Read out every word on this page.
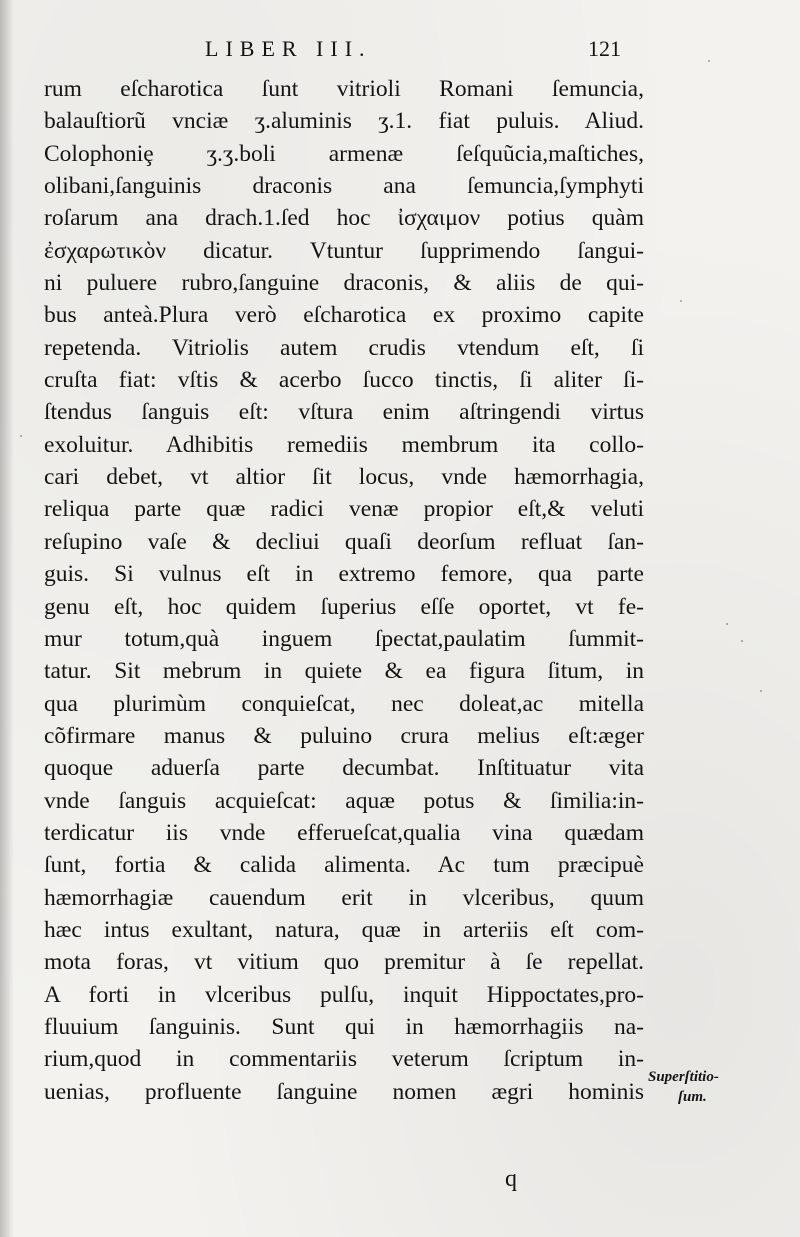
LIBER III.	121
rum eſcharotica ſunt vitrioli Romani ſemuncia,
balauſtiorũ vnciæ ʒ.aluminis ʒ.1. fiat puluis. Aliud.
Colophoniȩ ʒ.ʒ.boli armenæ ſeſquũcia,maſtiches,
olibani,ſanguinis draconis ana ſemuncia,ſymphyti
roſarum ana drach.1.ſed hoc ἰσχαιμον potius quàm
ἐσχαρωτικὸν dicatur. Vtuntur ſupprimendo ſangui-
ni puluere rubro,ſanguine draconis, & aliis de qui-
bus anteà.Plura verò eſcharotica ex proximo capite
repetenda. Vitriolis autem crudis vtendum eſt, ſi
cruſta fiat: vſtis & acerbo ſucco tinctis, ſi aliter ſi-
ſtendus ſanguis eſt: vſtura enim aſtringendi virtus
exoluitur. Adhibitis remediis membrum ita collo-
cari debet, vt altior ſit locus, vnde hæmorrhagia,
reliqua parte quæ radici venæ propior eſt,& veluti
reſupino vaſe & decliui quaſi deorſum refluat ſan-
guis. Si vulnus eſt in extremo femore, qua parte
genu eſt, hoc quidem ſuperius eſſe oportet, vt fe-
mur totum,quà inguem ſpectat,paulatim ſummit-
tatur. Sit mebrum in quiete & ea figura ſitum, in
qua plurimùm conquieſcat, nec doleat,ac mitella
cõfirmare manus & puluino crura melius eſt:æger
quoque aduerſa parte decumbat. Inſtituatur vita
vnde ſanguis acquieſcat: aquæ potus & ſimilia:in-
terdicatur iis vnde efferueſcat,qualia vina quædam
ſunt, fortia & calida alimenta. Ac tum præcipuè
hæmorrhagiæ cauendum erit in vlceribus, quum
hæc intus exultant, natura, quæ in arteriis eſt com-
mota foras, vt vitium quo premitur à ſe repellat.
A forti in vlceribus pulſu, inquit Hippoctates,pro-
fluuium ſanguinis. Sunt qui in hæmorrhagiis na-
rium,quod in commentariis veterum ſcriptum in-
uenias, profluente ſanguine nomen ægri hominis
q
Superſtitio-
ſum.
